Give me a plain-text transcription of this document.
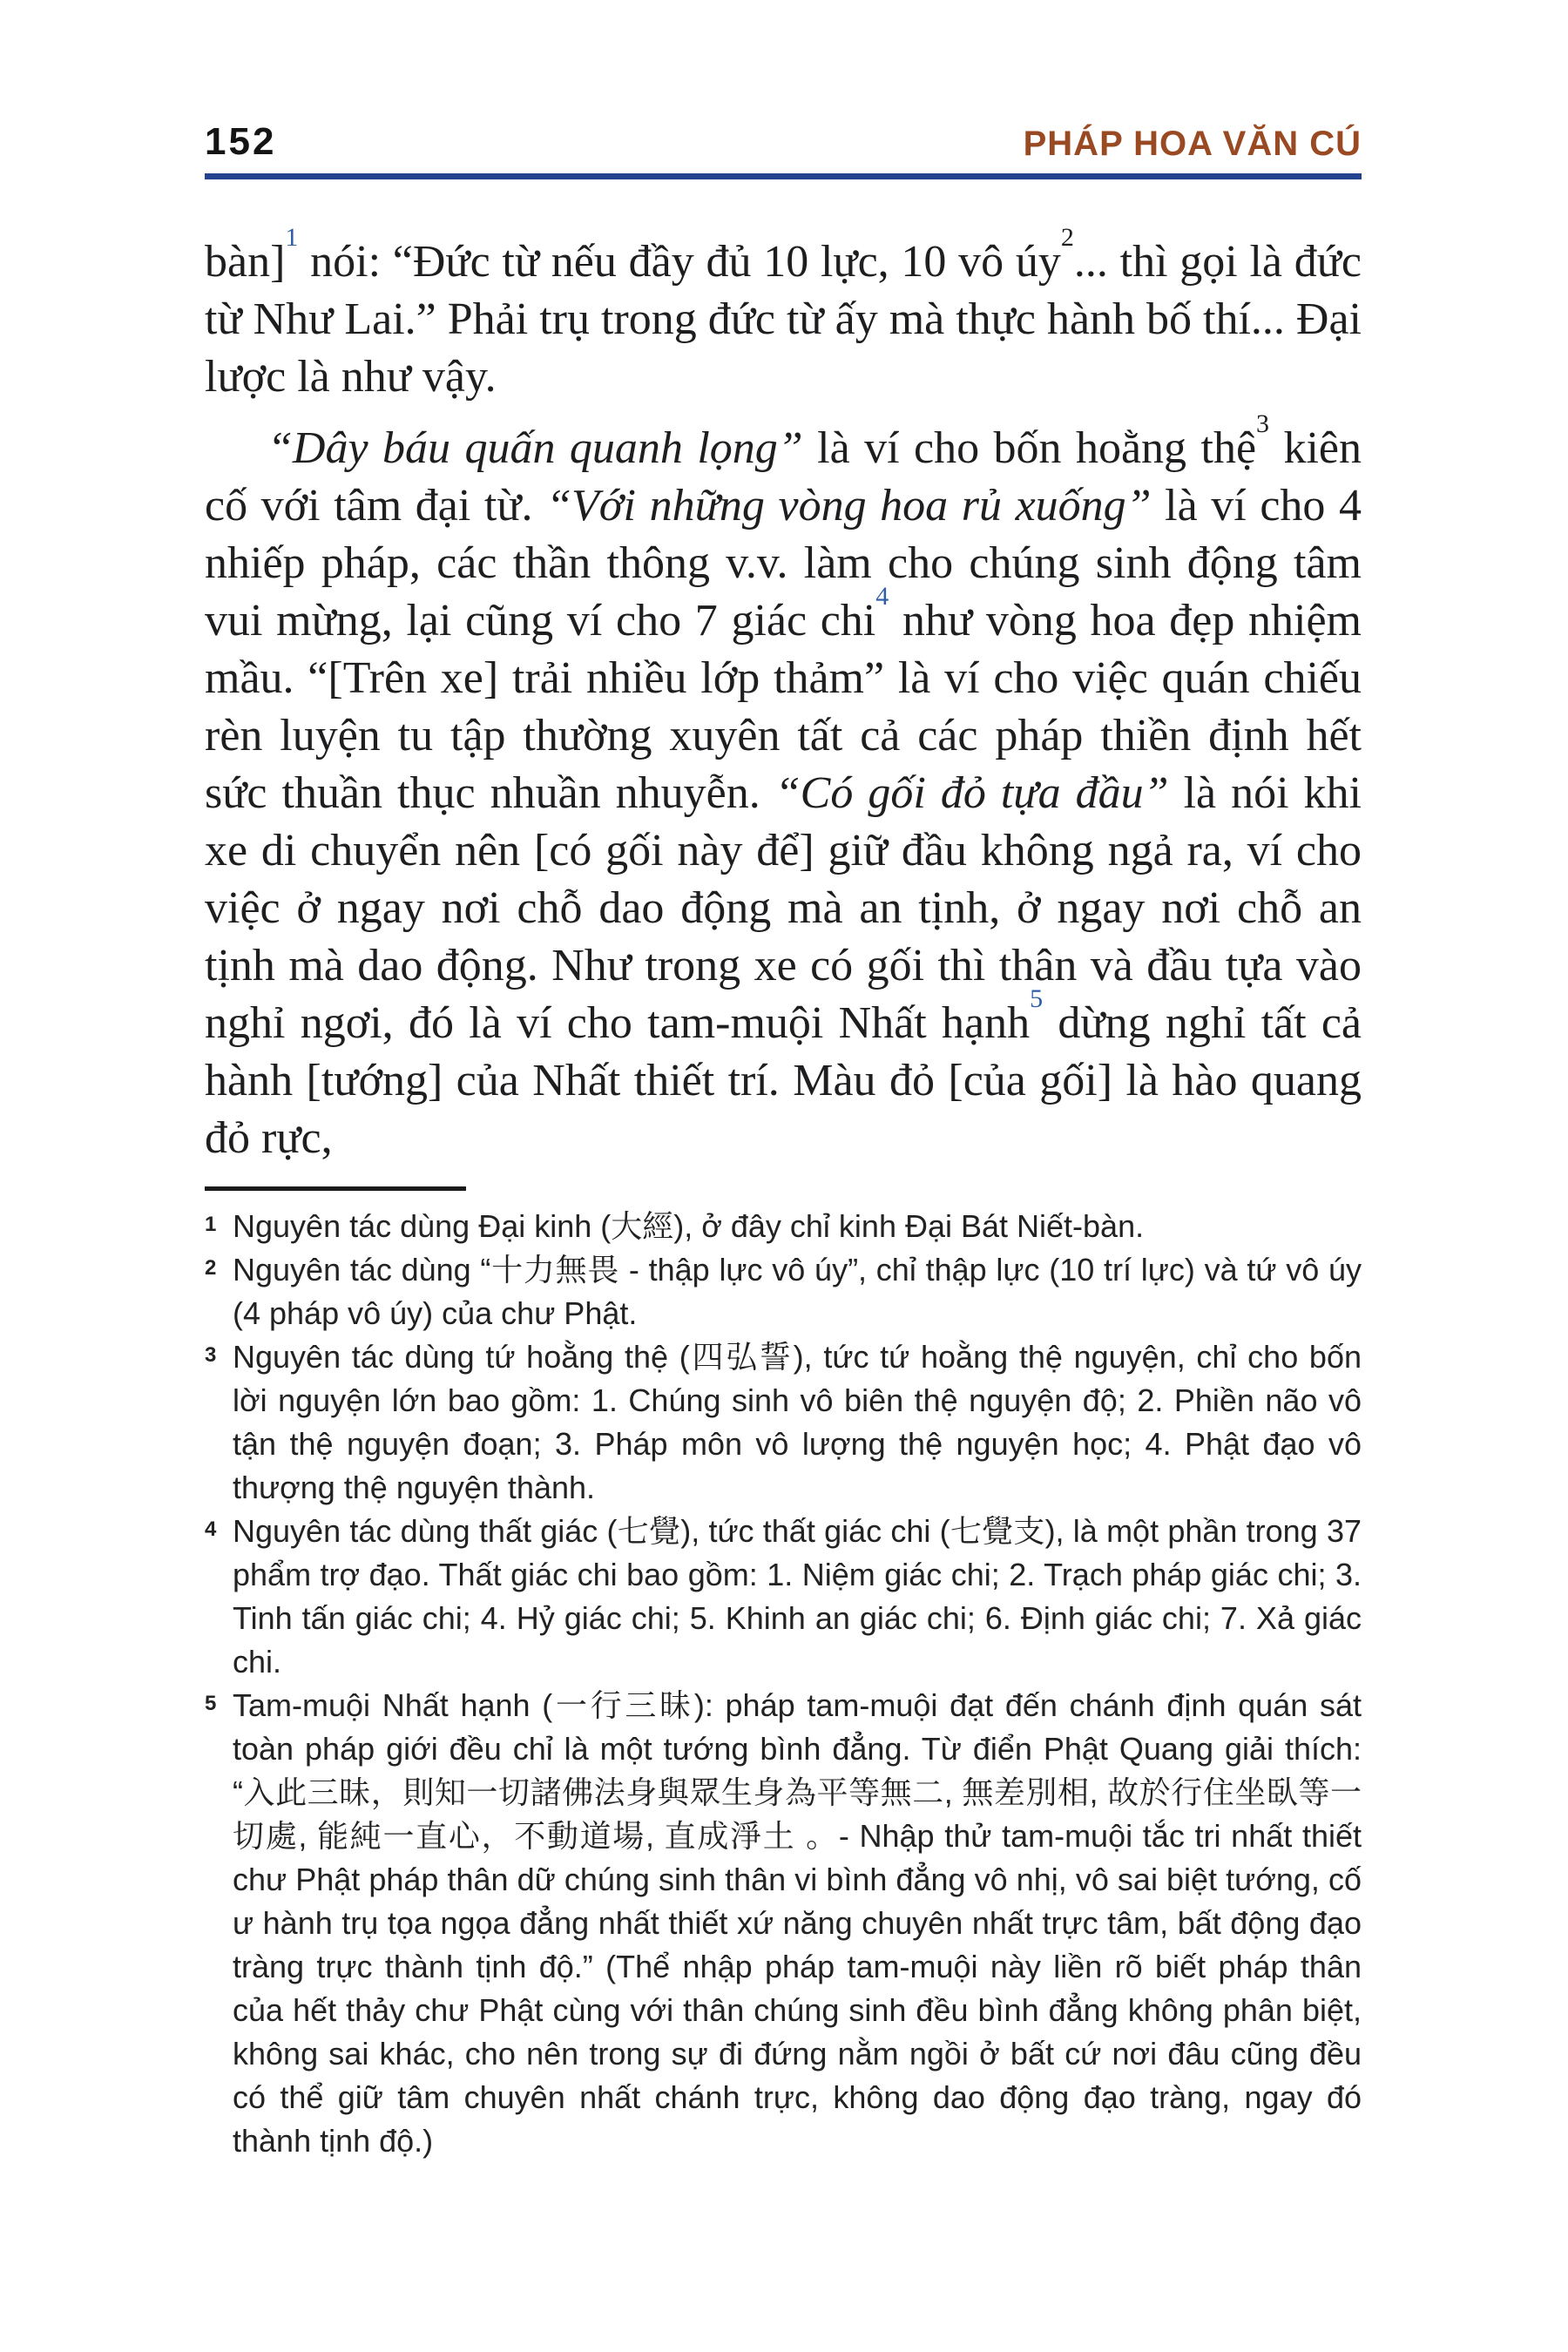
152	PHÁP HOA VĂN CÚ

bàn]$^1$ nói: “Đức từ nếu đầy đủ 10 lực, 10 vô úy$^2$... thì gọi là đức từ Như Lai.” Phải trụ trong đức từ ấy mà thực hành bố thí... Đại lược là như vậy.

“Dây báu quấn quanh lọng” là ví cho bốn hoằng thệ$^3$ kiên cố với tâm đại từ. “Với những vòng hoa rủ xuống” là ví cho 4 nhiếp pháp, các thần thông v.v. làm cho chúng sinh động tâm vui mừng, lại cũng ví cho 7 giác chi$^4$ như vòng hoa đẹp nhiệm mầu. “[Trên xe] trải nhiều lớp thảm” là ví cho việc quán chiếu rèn luyện tu tập thường xuyên tất cả các pháp thiền định hết sức thuần thục nhuần nhuyễn. “Có gối đỏ tựa đầu” là nói khi xe di chuyển nên [có gối này để] giữ đầu không ngả ra, ví cho việc ở ngay nơi chỗ dao động mà an tịnh, ở ngay nơi chỗ an tịnh mà dao động. Như trong xe có gối thì thân và đầu tựa vào nghỉ ngơi, đó là ví cho tam-muội Nhất hạnh$^5$ dừng nghỉ tất cả hành [tướng] của Nhất thiết trí. Màu đỏ [của gối] là hào quang đỏ rực,

1 Nguyên tác dùng Đại kinh (大經), ở đây chỉ kinh Đại Bát Niết-bàn.
2 Nguyên tác dùng “十力無畏 - thập lực vô úy”, chỉ thập lực (10 trí lực) và tứ vô úy (4 pháp vô úy) của chư Phật.
3 Nguyên tác dùng tứ hoằng thệ (四弘誓), tức tứ hoằng thệ nguyện, chỉ cho bốn lời nguyện lớn bao gồm: 1. Chúng sinh vô biên thệ nguyện độ; 2. Phiền não vô tận thệ nguyện đoạn; 3. Pháp môn vô lượng thệ nguyện học; 4. Phật đạo vô thượng thệ nguyện thành.
4 Nguyên tác dùng thất giác (七覺), tức thất giác chi (七覺支), là một phần trong 37 phẩm trợ đạo. Thất giác chi bao gồm: 1. Niệm giác chi; 2. Trạch pháp giác chi; 3. Tinh tấn giác chi; 4. Hỷ giác chi; 5. Khinh an giác chi; 6. Định giác chi; 7. Xả giác chi.
5 Tam-muội Nhất hạnh (一行三昧): pháp tam-muội đạt đến chánh định quán sát toàn pháp giới đều chỉ là một tướng bình đẳng. Từ điển Phật Quang giải thích: “入此三昧，則知一切諸佛法身與眾生身為平等無二, 無差別相, 故於行住坐臥等一切處, 能純一直心，不動道場, 直成淨土 。- Nhập thử tam-muội tắc tri nhất thiết chư Phật pháp thân dữ chúng sinh thân vi bình đẳng vô nhị, vô sai biệt tướng, cố ư hành trụ tọa ngọa đẳng nhất thiết xứ năng chuyên nhất trực tâm, bất động đạo tràng trực thành tịnh độ.” (Thể nhập pháp tam-muội này liền rõ biết pháp thân của hết thảy chư Phật cùng với thân chúng sinh đều bình đẳng không phân biệt, không sai khác, cho nên trong sự đi đứng nằm ngồi ở bất cứ nơi đâu cũng đều có thể giữ tâm chuyên nhất chánh trực, không dao động đạo tràng, ngay đó thành tịnh độ.)
